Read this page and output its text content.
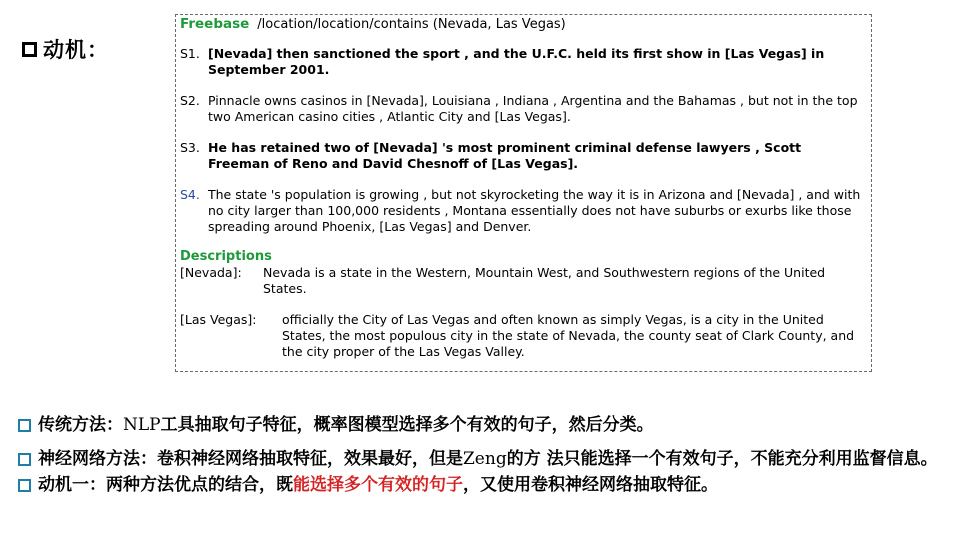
动机：
Freebase /location/location/contains (Nevada, Las Vegas)
S1. [Nevada] then sanctioned the sport , and the U.F.C. held its first show in [Las Vegas] in September 2001.
S2. Pinnacle owns casinos in [Nevada], Louisiana , Indiana , Argentina and the Bahamas , but not in the top two American casino cities , Atlantic City and [Las Vegas].
S3. He has retained two of [Nevada] 's most prominent criminal defense lawyers , Scott Freeman of Reno and David Chesnoff of [Las Vegas].
S4. The state 's population is growing , but not skyrocketing the way it is in Arizona and [Nevada] , and with no city larger than 100,000 residents , Montana essentially does not have suburbs or exurbs like those spreading around Phoenix, [Las Vegas] and Denver.
Descriptions
[Nevada]: Nevada is a state in the Western, Mountain West, and Southwestern regions of the United States.
[Las Vegas]: officially the City of Las Vegas and often known as simply Vegas, is a city in the United States, the most populous city in the state of Nevada, the county seat of Clark County, and the city proper of the Las Vegas Valley.
传统方法：NLP工具抽取句子特征，概率图模型选择多个有效的句子，然后分类。
神经网络方法：卷积神经网络抽取特征，效果最好，但是Zeng的方 法只能选择一个有效句子，不能充分利用监督信息。
动机一：两种方法优点的结合，既能选择多个有效的句子，又使用卷积神经网络抽取特征。
